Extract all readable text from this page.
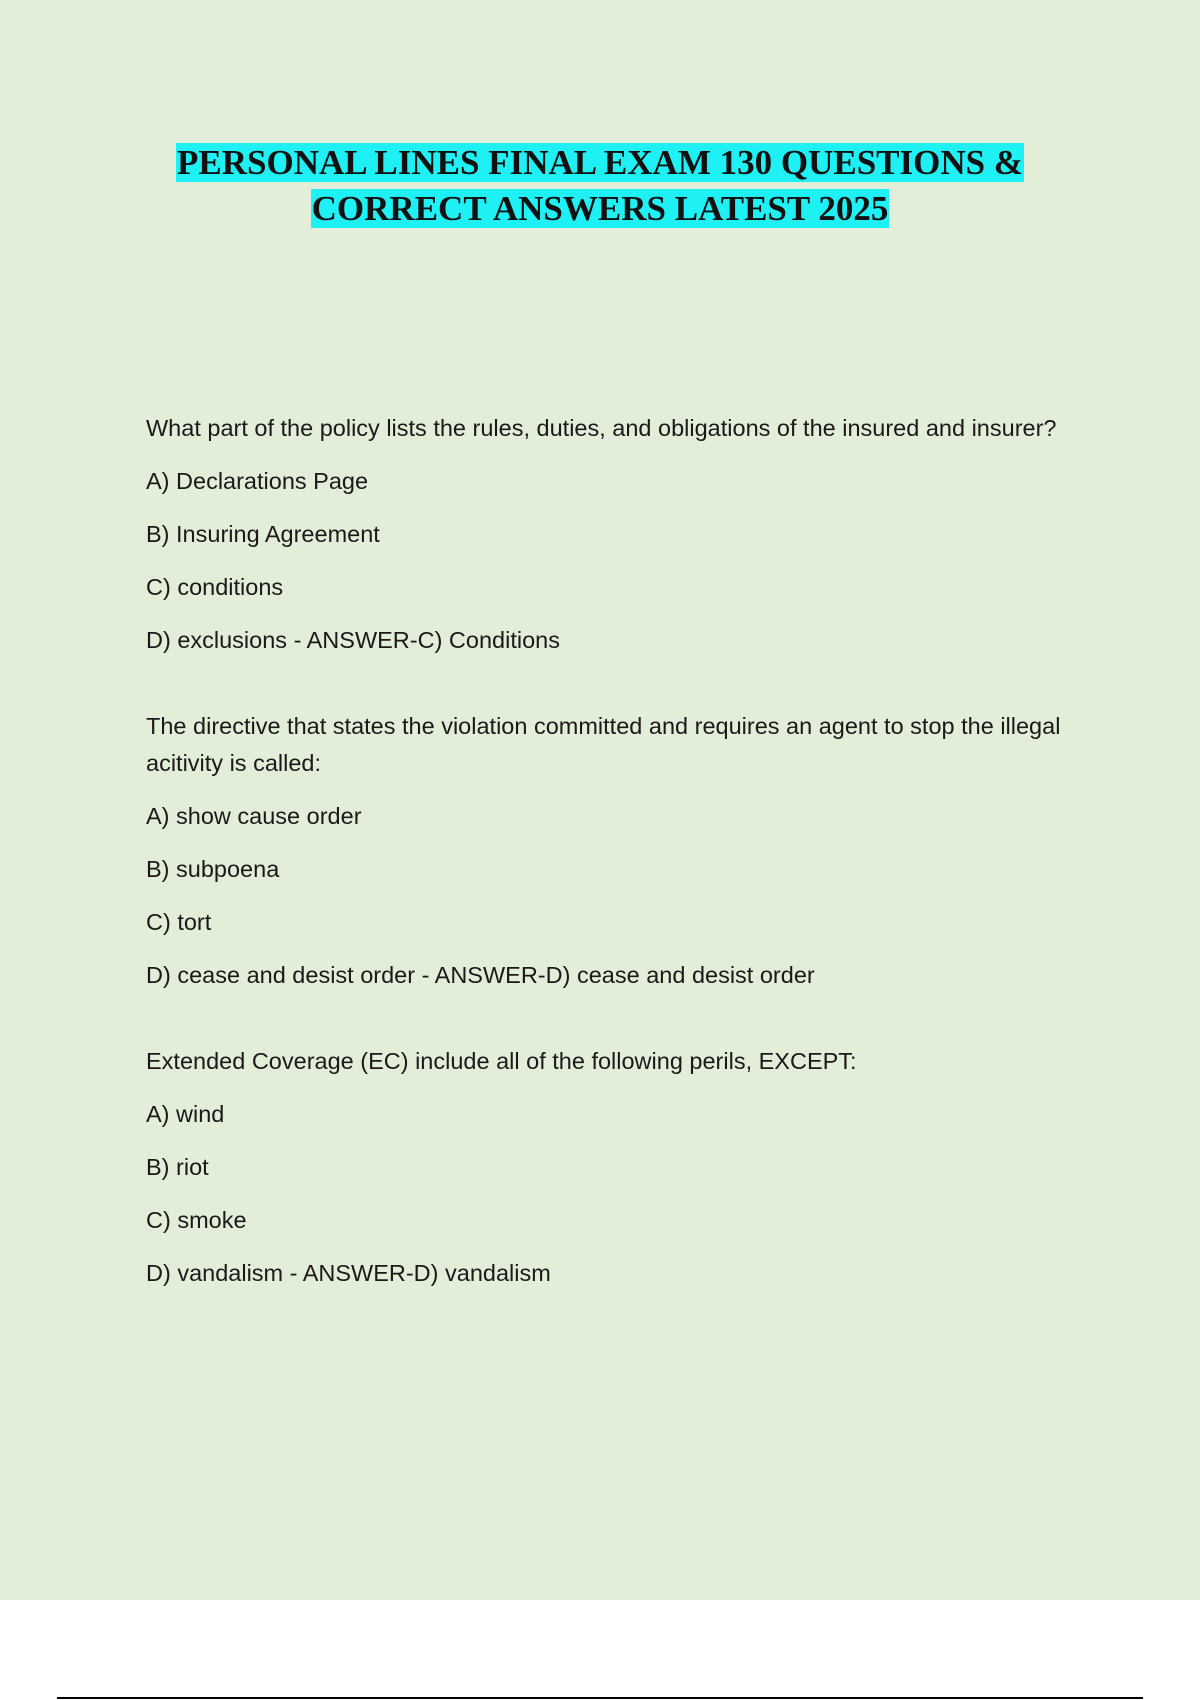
PERSONAL LINES FINAL EXAM 130 QUESTIONS &
CORRECT ANSWERS LATEST 2025

What part of the policy lists the rules, duties, and obligations of the insured and insurer?

A) Declarations Page
B) Insuring Agreement
C) conditions
D) exclusions - ANSWER-C) Conditions

The directive that states the violation committed and requires an agent to stop the illegal acitivity is called:

A) show cause order
B) subpoena
C) tort
D) cease and desist order - ANSWER-D) cease and desist order

Extended Coverage (EC) include all of the following perils, EXCEPT:

A) wind
B) riot
C) smoke
D) vandalism - ANSWER-D) vandalism
